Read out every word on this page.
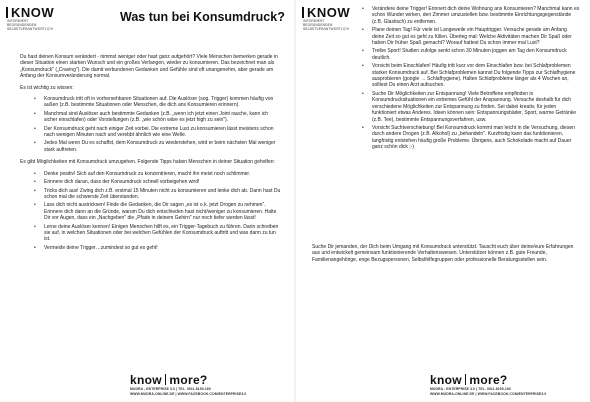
KNOW
INFORMIERT
BEGRÜNDENDEN
SELBSTVERANTWORTLICH
Was tun bei Konsumdruck?

Du hast deinen Konsum verändert - nimmst weniger oder hast ganz aufgehört? Viele Menschen bemerken gerade in dieser Situation einen starken Wunsch und ein großes Verlangen, wieder zu konsumieren. Das bezeichnet man als „Konsumdruck" („Craving"). Die damit verbundenen Gedanken und Gefühle sind oft unangenehm, aber gerade am Anfang der Konsumveränderung normal.

Es ist wichtig zu wissen:

• Konsumdruck tritt oft in vorhersehbaren Situationen auf. Die Auslöser (sog. Trigger) kommen häufig von außen (z.B. bestimmte Situationen oder Menschen, die dich ans Konsumieren erinnern).
• Manchmal sind Auslöser auch bestimmte Gedanken (z.B. „wenn ich jetzt einen Joint rauche, kann ich sicher einschlafen) oder Vorstellungen (z.B. „wie schön wäre es jetzt high zu sein").
• Der Konsumdruck geht nach einiger Zeit vorbei. Die extreme Lust zu konsumieren lässt meistens schon nach wenigen Minuten nach und verebbt ähnlich wie eine Welle.
• Jedes Mal wenn Du es schaffst, dem Konsumdruck zu wiederstehen, wird er beim nächsten Mal weniger stark auftreten.

Es gibt Möglichkeiten mit Konsumdruck umzugehen. Folgende Tipps haben Menschen in deiner Situation geholfen:

• Denke positiv! Sich auf den Konsumdruck zu konzentrieren, macht ihn meist noch schlimmer.
• Erinnere dich daran, dass der Konsumdruck schnell vorbeigehen wird!
• Tricks dich aus! Zwing dich z.B. erstmal 15 Minuten nicht zu konsumieren und lenke dich ab. Dann hast Du schon mal die schwerste Zeit überstanden.
• Lass dich nicht austricksen! Finde die Gedanken, die Dir sagen „es ist o.k. jetzt Drogen zu nehmen". Erinnere dich dann an die Gründe, warum Du dich entschieden hast nicht/weniger zu konsumieren. Halte Dir vor Augen, dass ein „Nachgeben" die „Pfade in deinem Gehirn" nur noch tiefer werden lässt!
• Lerne deine Auslöser kennen! Einigen Menschen hilft es, ein Trigger-Tagebuch zu führen. Darin schreiben sie auf, in welchen Situationen oder bei welchen Gefühlen der Konsumdruck auftritt und was dann zu tun ist.
• Vermeide deine Trigger…zumindest so gut es geht!
know more?
MUDRA - ENTERPRISE 3.0 | TEL. 0911.8150-160
WWW.MUDRA-ONLINE.DE | WWW.FACEBOOK.COM/ENTERPRISE3.0
KNOW
INFORMIERT
BEGRÜNDENDEN
SELBSTVERANTWORTLICH
• Verändere deine Trigger! Erinnert dich deine Wohnung ans Konsumieren? Manchmal kann es schon Wunder wirken, den Zimmer umzustellen bzw. bestimmte Einrichtungsgegenstände (z.B. Glastisch) zu entfernen.
• Plane deinen Tag! Für viele ist Langeweile ein Hauptrigger. Versuche gerade am Anfang deine Zeit so gut es geht zu füllen. Überleg mal: Welche Aktivitäten machen Dir Spaß oder haben Dir früher Spaß gemacht? Worauf hattest Du schon immer mal Lust?
• Treibe Sport! Studien zufolge senkt schon 30 Minuten joggen am Tag den Konsumdruck deutlich.
• Vorsicht beim Einschlafen! Häufig tritt kurz vor dem Einschlafen bzw. bei Schlafproblemen starker Konsumdruck auf. Bei Schlafproblemen kannst Du folgende Tipps zur Schlafhygiene ausprobieren (google → Schlafhygiene). Halten Schlafprobleme länger als 4 Wochen an, solltest Du einen Arzt aufsuchen.
• Suche Dir Möglichkeiten zur Entspannung! Viele Betroffene empfinden in Konsumdrucksituationen ein extremes Gefühl der Anspannung. Versuche deshalb für dich verschiedene Möglichkeiten zur Entspannung zu finden. Sei dabei kreativ, für jeden funktioniert etwas Anderes. Ideen können sein: Entspannungsbäder, Sport, warme Getränke (z.B. Tee), bestimmte Entspannungsverfahren, usw.
• Vorsicht Suchtverschiebung! Bei Konsumdruck kommt man leicht in die Versuchung, diesen durch andere Drogen (z.B. Alkohol) zu „behandeln". Kurzfristig kann das funktionieren, langfristig entstehen häufig große Probleme. Übrigens, auch Schokolade macht auf Dauer ganz schön dick ;-)

Suche Dir jemanden, der Dich beim Umgang mit Konsumdruck unterstützt. Tauscht euch über deine/eure Erfahrungen aus und entwickelt gemeinsam funktionierende Verhaltensweisen. Unterstützer können z.B. gute Freunde, Familienangehörige, enge Bezugspersonen, Selbsthilfegruppen oder professionelle Beratungsstellen sein.

know more?
MUDRA - ENTERPRISE 3.0 | TEL. 0911.8150-160
WWW.MUDRA-ONLINE.DE | WWW.FACEBOOK.COM/ENTERPRISE3.0
